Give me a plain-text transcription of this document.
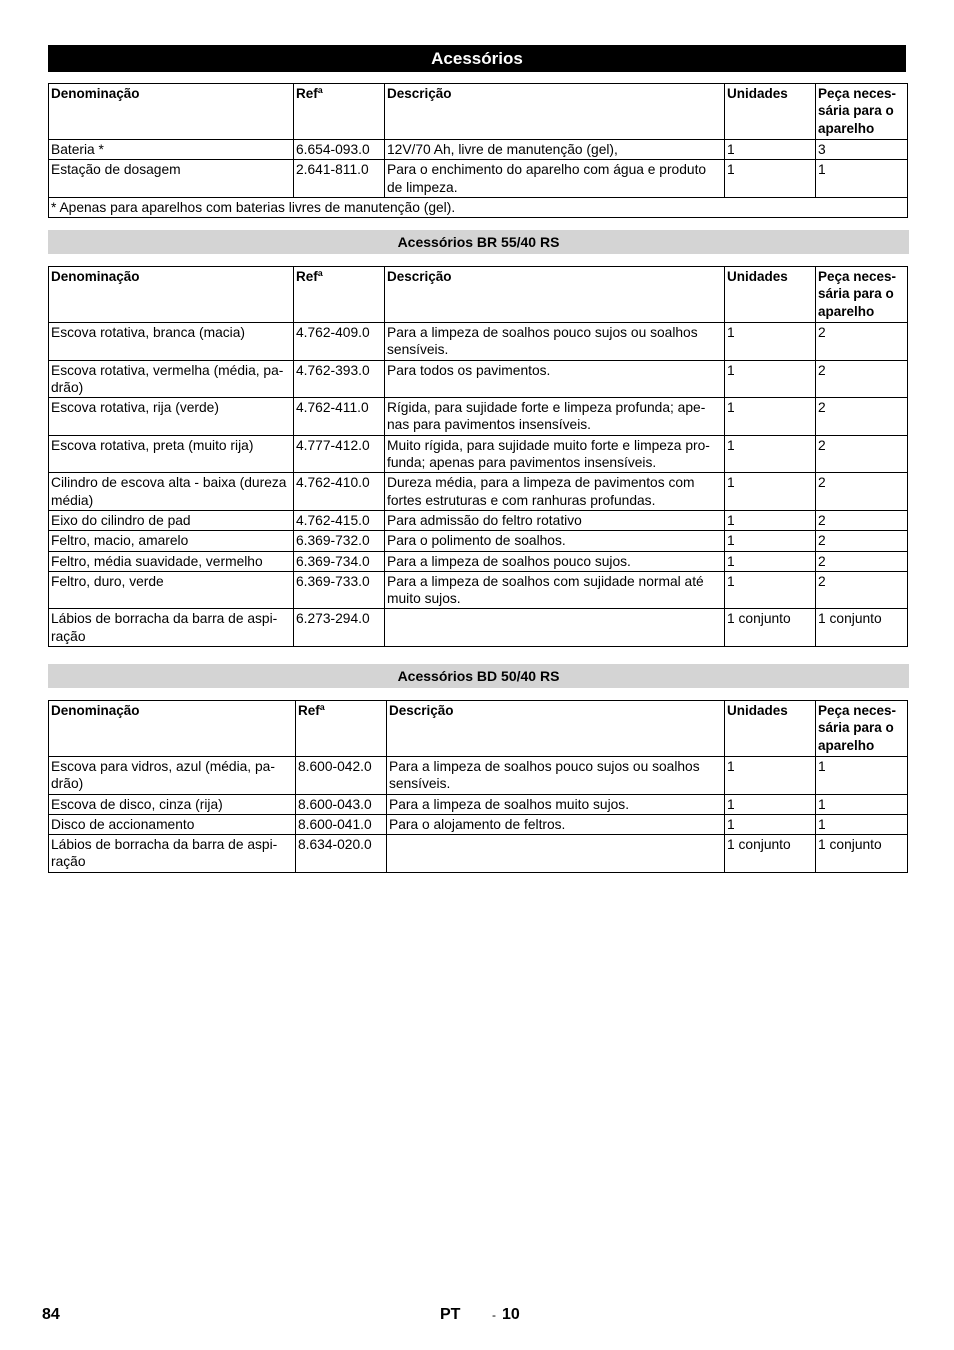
Acessórios
Denominação	Refª	Descrição	Unidades	Peça neces-sária para o aparelho
Bateria *	6.654-093.0	12V/70 Ah, livre de manutenção (gel),	1	3
Estação de dosagem	2.641-811.0	Para o enchimento do aparelho com água e produto de limpeza.	1	1
* Apenas para aparelhos com baterias livres de manutenção (gel).				
Acessórios BR 55/40 RS
Denominação	Refª	Descrição	Unidades	Peça neces-sária para o aparelho
Escova rotativa, branca (macia)	4.762-409.0	Para a limpeza de soalhos pouco sujos ou soalhos sensíveis.	1	2
Escova rotativa, vermelha (média, pa-drão)	4.762-393.0	Para todos os pavimentos.	1	2
Escova rotativa, rija (verde)	4.762-411.0	Rígida, para sujidade forte e limpeza profunda; ape-nas para pavimentos insensíveis.	1	2
Escova rotativa, preta (muito rija)	4.777-412.0	Muito rígida, para sujidade muito forte e limpeza pro-funda; apenas para pavimentos insensíveis.	1	2
Cilindro de escova alta - baixa (dureza média)	4.762-410.0	Dureza média, para a limpeza de pavimentos com fortes estruturas e com ranhuras profundas.	1	2
Eixo do cilindro de pad	4.762-415.0	Para admissão do feltro rotativo	1	2
Feltro, macio, amarelo	6.369-732.0	Para o polimento de soalhos.	1	2
Feltro, média suavidade, vermelho	6.369-734.0	Para a limpeza de soalhos pouco sujos.	1	2
Feltro, duro, verde	6.369-733.0	Para a limpeza de soalhos com sujidade normal até muito sujos.	1	2
Lábios de borracha da barra de aspi-ração	6.273-294.0		1 conjunto	1 conjunto
Acessórios BD 50/40 RS
Denominação	Refª	Descrição	Unidades	Peça neces-sária para o aparelho
Escova para vidros, azul (média, pa-drão)	8.600-042.0	Para a limpeza de soalhos pouco sujos ou soalhos sensíveis.	1	1
Escova de disco, cinza (rija)	8.600-043.0	Para a limpeza de soalhos muito sujos.	1	1
Disco de accionamento	8.600-041.0	Para o alojamento de feltros.	1	1
Lábios de borracha da barra de aspi-ração	8.634-020.0		1 conjunto	1 conjunto
84	PT	- 10
